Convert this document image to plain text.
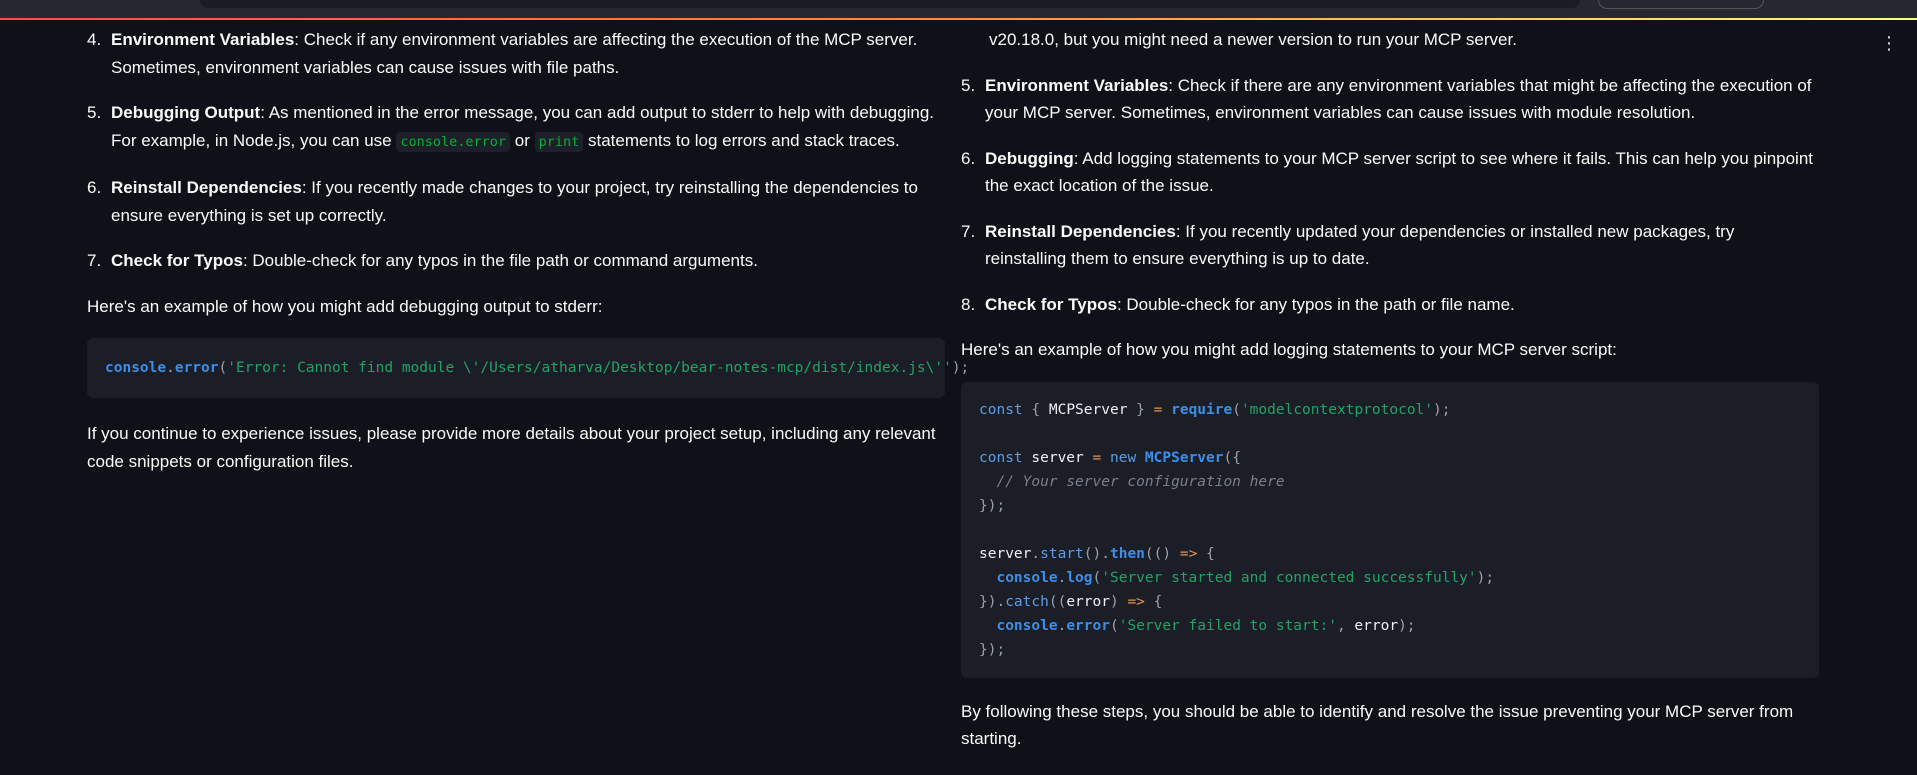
⋮
4. Environment Variables: Check if any environment variables are affecting the execution of the MCP server. Sometimes, environment variables can cause issues with file paths.
5. Debugging Output: As mentioned in the error message, you can add output to stderr to help with debugging. For example, in Node.js, you can use console.error or print statements to log errors and stack traces.
6. Reinstall Dependencies: If you recently made changes to your project, try reinstalling the dependencies to ensure everything is set up correctly.
7. Check for Typos: Double-check for any typos in the file path or command arguments.

Here's an example of how you might add debugging output to stderr:

console.error('Error: Cannot find module \'/Users/atharva/Desktop/bear-notes-mcp/dist/index.js\'');

If you continue to experience issues, please provide more details about your project setup, including any relevant code snippets or configuration files.

v20.18.0, but you might need a newer version to run your MCP server.

5. Environment Variables: Check if there are any environment variables that might be affecting the execution of your MCP server. Sometimes, environment variables can cause issues with module resolution.
6. Debugging: Add logging statements to your MCP server script to see where it fails. This can help you pinpoint the exact location of the issue.
7. Reinstall Dependencies: If you recently updated your dependencies or installed new packages, try reinstalling them to ensure everything is up to date.
8. Check for Typos: Double-check for any typos in the path or file name.

Here's an example of how you might add logging statements to your MCP server script:

const { MCPServer } = require('modelcontextprotocol');

const server = new MCPServer({
// Your server configuration here
});

server.start().then(() => {
console.log('Server started and connected successfully');
}).catch((error) => {
console.error('Server failed to start:', error);
});

By following these steps, you should be able to identify and resolve the issue preventing your MCP server from starting.
